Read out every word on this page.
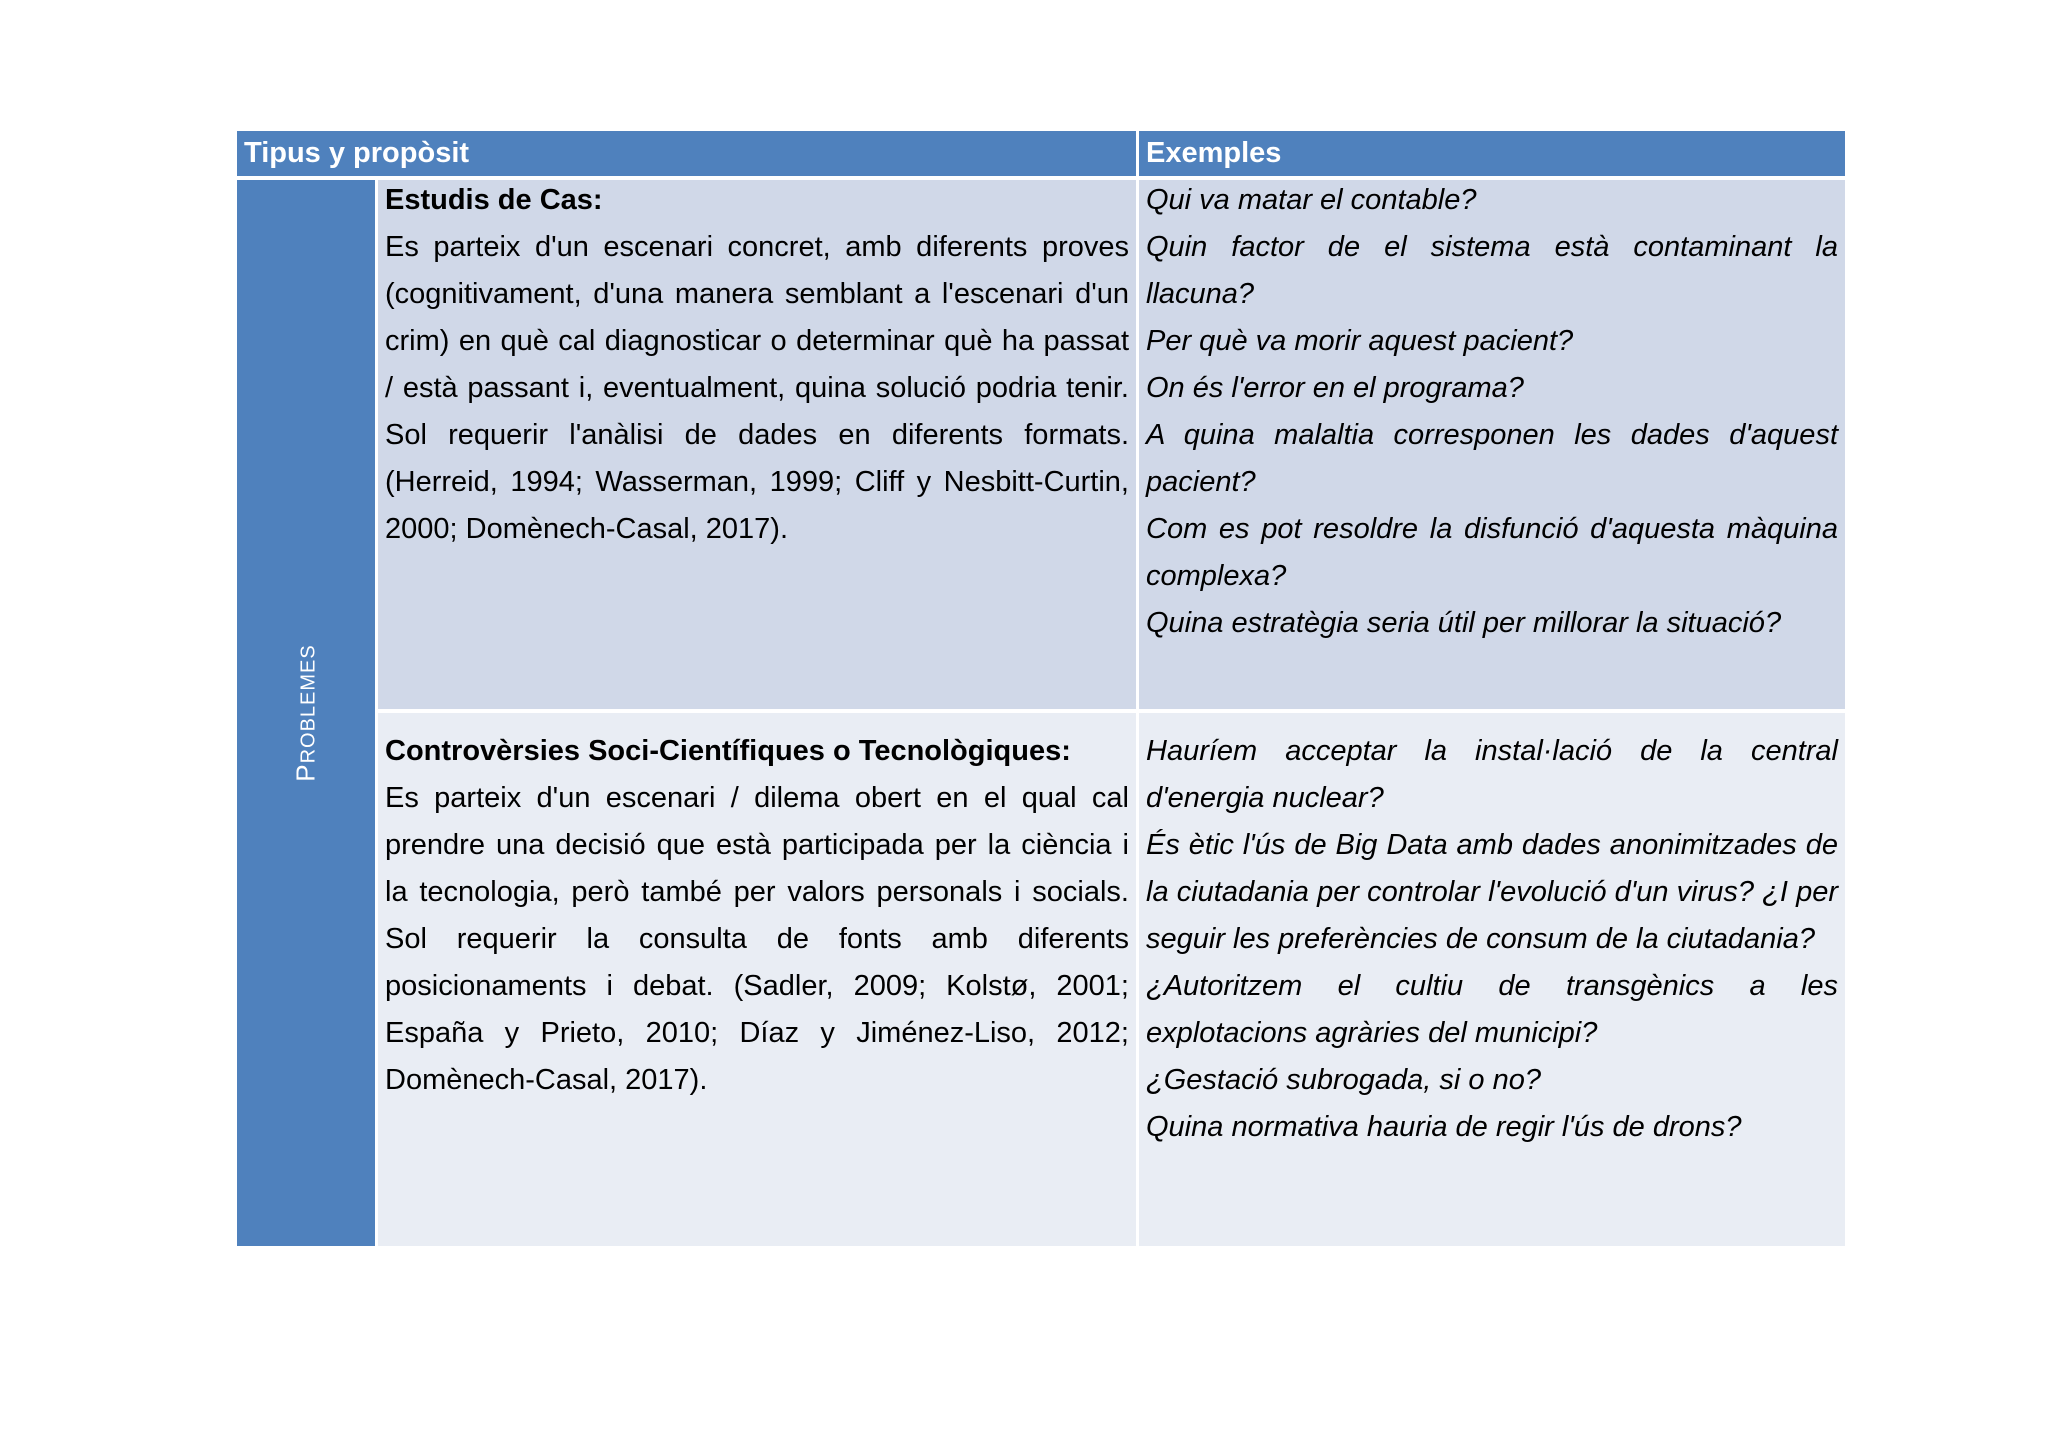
Tipus y propòsit	Exemples
PROBLEMES
Estudis de Cas:
Es parteix d'un escenari concret, amb diferents proves (cognitivament, d'una manera semblant a l'escenari d'un crim) en què cal diagnosticar o determinar què ha passat / està passant i, eventualment, quina solució podria tenir. Sol requerir l'anàlisi de dades en diferents formats.(Herreid, 1994; Wasserman, 1999; Cliff y Nesbitt-Curtin, 2000; Domènech-Casal, 2017).

Qui va matar el contable?

Quin factor de el sistema està contaminant la llacuna?

Per què va morir aquest pacient?

On és l'error en el programa?

A quina malaltia corresponen les dades d'aquest pacient?

Com es pot resoldre la disfunció d'aquesta màquina complexa?

Quina estratègia seria útil per millorar la situació?

Controvèrsies Soci-Científiques o Tecnològiques:
Es parteix d'un escenari / dilema obert en el qual cal prendre una decisió que està participada per la ciència i la tecnologia, però també per valors personals i socials. Sol requerir la consulta de fonts amb diferents posicionaments i debat. (Sadler, 2009; Kolstø, 2001; España y Prieto, 2010; Díaz y Jiménez-Liso, 2012; Domènech-Casal, 2017).

Hauríem acceptar la instal·lació de la central d'energia nuclear?

És ètic l'ús de Big Data amb dades anonimitzades de la ciutadania per controlar l'evolució d'un virus? ¿I per seguir les preferències de consum de la ciutadania?

¿Autoritzem el cultiu de transgènics a les explotacions agràries del municipi?

¿Gestació subrogada, si o no?

Quina normativa hauria de regir l'ús de drons?
